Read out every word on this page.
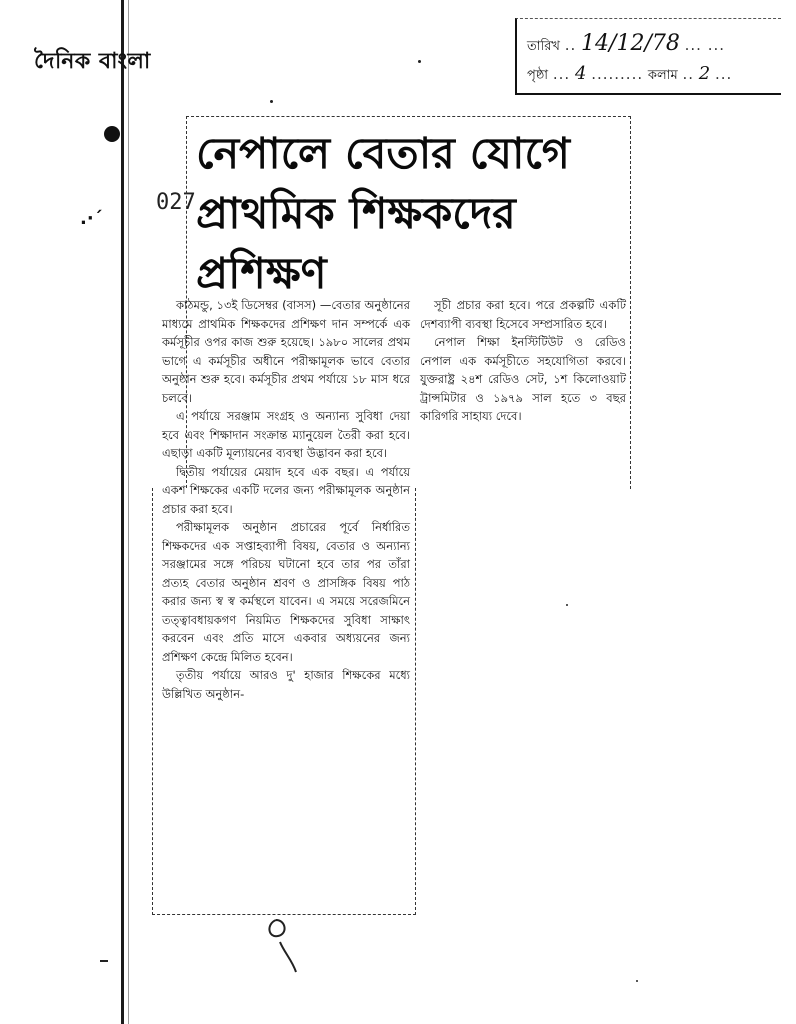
দৈনিক বাংলা
.·´
তারিখ .. 14/12/78 ... ...
পৃষ্ঠা ... 4 ......... কলাম .. 2 ...
027
নেপালে বেতার যোগে প্রাথমিক শিক্ষকদের প্রশিক্ষণ

কাঠমন্ডু, ১৩ই ডিসেম্বর (বাসস) —বেতার অনুষ্ঠানের মাধ্যমে প্রাথমিক শিক্ষকদের প্রশিক্ষণ দান সম্পর্কে এক কর্মসূচীর ওপর কাজ শুরু হয়েছে। ১৯৮০ সালের প্রথম ভাগে এ কর্মসূচীর অধীনে পরীক্ষামূলক ভাবে বেতার অনুষ্ঠান শুরু হবে। কর্মসূচীর প্রথম পর্যায়ে ১৮ মাস ধরে চলবে।

এ পর্যায়ে সরঞ্জাম সংগ্রহ ও অন্যান্য সুবিধা দেয়া হবে এবং শিক্ষাদান সংক্রান্ত ম্যানুয়েল তৈরী করা হবে। এছাড়া একটি মূল্যায়নের ব্যবস্থা উদ্ভাবন করা হবে।

দ্বিতীয় পর্যায়ের মেয়াদ হবে এক বছর। এ পর্যায়ে একশ শিক্ষকের একটি দলের জন্য পরীক্ষামূলক অনুষ্ঠান প্রচার করা হবে।

পরীক্ষামূলক অনুষ্ঠান প্রচারের পূর্বে নির্ধারিত শিক্ষকদের এক সপ্তাহব্যাপী বিষয়, বেতার ও অন্যান্য সরঞ্জামের সঙ্গে পরিচয় ঘটানো হবে তার পর তাঁরা প্রত্যহ বেতার অনুষ্ঠান শ্রবণ ও প্রাসঙ্গিক বিষয় পাঠ করার জন্য স্ব স্ব কর্মস্থলে যাবেন। এ সময়ে সরেজমিনে তত্ত্বাবধায়কগণ নিয়মিত শিক্ষকদের সুবিধা সাক্ষাৎ করবেন এবং প্রতি মাসে একবার অধ্যয়নের জন্য প্রশিক্ষণ কেন্দ্রে মিলিত হবেন।

তৃতীয় পর্যায়ে আরও দু' হাজার শিক্ষকের মধ্যে উল্লিখিত অনুষ্ঠান-

সূচী প্রচার করা হবে। পরে প্রকল্পটি একটি দেশব্যাপী ব্যবস্থা হিসেবে সম্প্রসারিত হবে।

নেপাল শিক্ষা ইনস্টিটিউট ও রেডিও নেপাল এক কর্মসূচীতে সহযোগিতা করবে। যুক্তরাষ্ট্র ২৪শ রেডিও সেট, ১শ কিলোওয়াট ট্রান্সমিটার ও ১৯৭৯ সাল হতে ৩ বছর কারিগরি সাহায্য দেবে।
